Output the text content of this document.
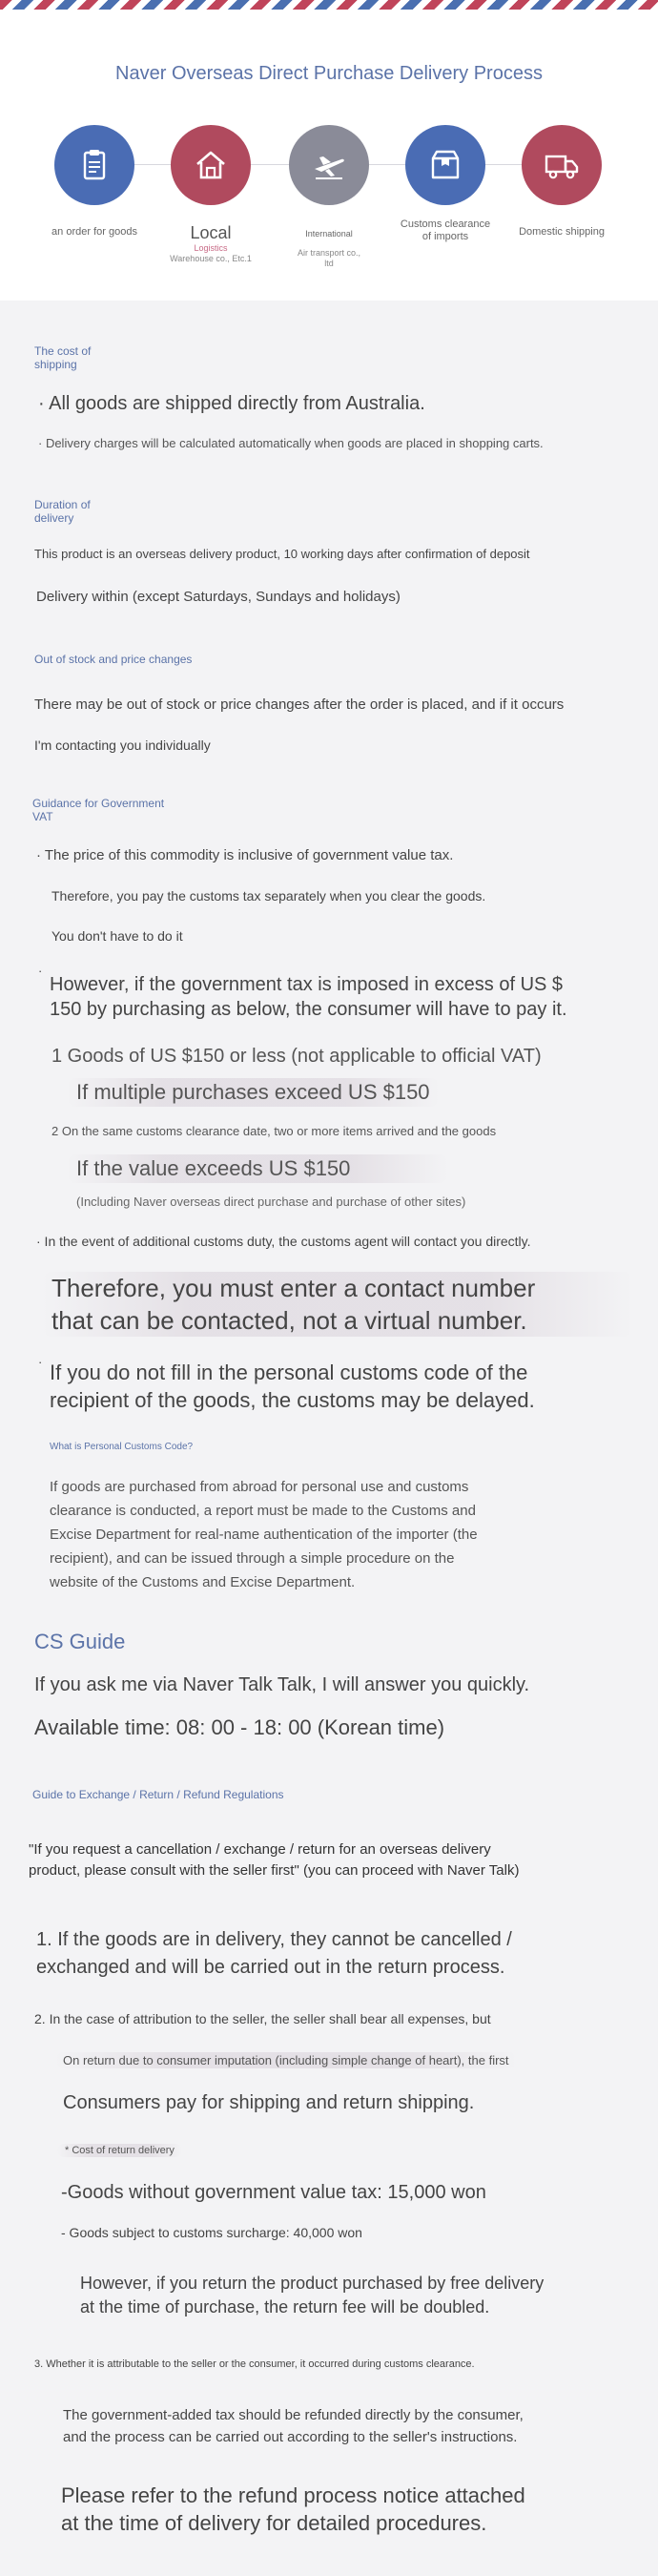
Naver Overseas Direct Purchase Delivery Process
an order for goods	Local
Logistics
Warehouse co., Etc.1
International
Air transport co.,
ltd
Customs clearance of imports	Domestic shipping
The cost of
shipping
· All goods are shipped directly from Australia.
· Delivery charges will be calculated automatically when goods are placed in shopping carts.
Duration of
delivery
This product is an overseas delivery product, 10 working days after confirmation of deposit
Delivery within (except Saturdays, Sundays and holidays)
Out of stock and price changes
There may be out of stock or price changes after the order is placed, and if it occurs
I'm contacting you individually
Guidance for Government
VAT
· The price of this commodity is inclusive of government value tax.
Therefore, you pay the customs tax separately when you clear the goods.
You don't have to do it
·
However, if the government tax is imposed in excess of US $
150 by purchasing as below, the consumer will have to pay it.
1 Goods of US $150 or less (not applicable to official VAT)
If multiple purchases exceed US $150
2 On the same customs clearance date, two or more items arrived and the goods
If the value exceeds US $150
(Including Naver overseas direct purchase and purchase of other sites)
· In the event of additional customs duty, the customs agent will contact you directly.
Therefore, you must enter a contact number
that can be contacted, not a virtual number.
· If you do not fill in the personal customs code of the
recipient of the goods, the customs may be delayed.
What is Personal Customs Code?
If goods are purchased from abroad for personal use and customs
clearance is conducted, a report must be made to the Customs and
Excise Department for real-name authentication of the importer (the
recipient), and can be issued through a simple procedure on the
website of the Customs and Excise Department.
CS Guide
If you ask me via Naver Talk Talk, I will answer you quickly.
Available time: 08: 00 - 18: 00 (Korean time)
Guide to Exchange / Return / Refund Regulations
"If you request a cancellation / exchange / return for an overseas delivery
product, please consult with the seller first" (you can proceed with Naver Talk)
1. If the goods are in delivery, they cannot be cancelled /
exchanged and will be carried out in the return process.
2. In the case of attribution to the seller, the seller shall bear all expenses, but
On return due to consumer imputation (including simple change of heart), the first
Consumers pay for shipping and return shipping.
* Cost of return delivery
-Goods without government value tax: 15,000 won
- Goods subject to customs surcharge: 40,000 won
However, if you return the product purchased by free delivery
at the time of purchase, the return fee will be doubled.
3. Whether it is attributable to the seller or the consumer, it occurred during customs clearance.
The government-added tax should be refunded directly by the consumer,
and the process can be carried out according to the seller's instructions.
Please refer to the refund process notice attached
at the time of delivery for detailed procedures.
